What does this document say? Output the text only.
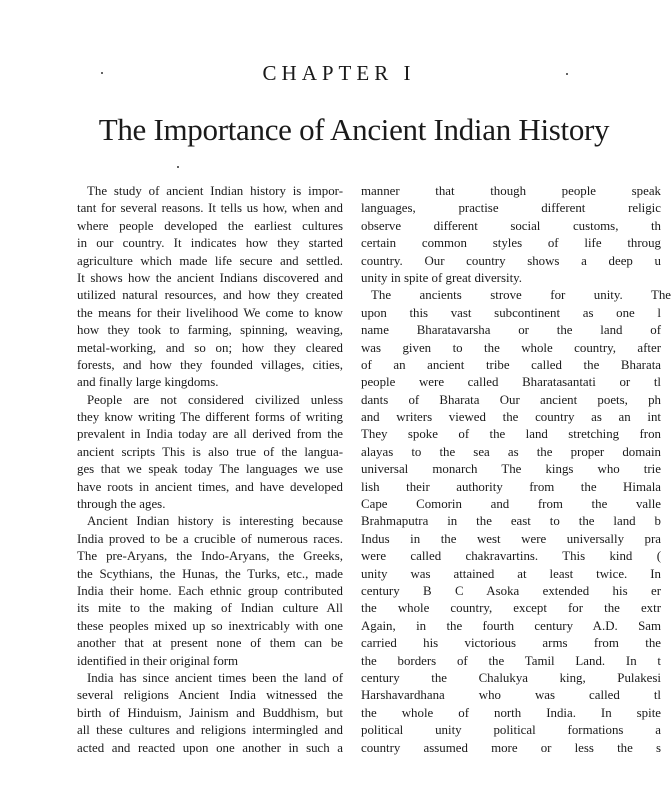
CHAPTER I
The Importance of Ancient Indian History
The study of ancient Indian history is impor-
tant for several reasons. It tells us how, when and
where people developed the earliest cultures
in our country. It indicates how they started
agriculture which made life secure and settled.
It shows how the ancient Indians discovered and
utilized natural resources, and how they created
the means for their livelihood We come to know
how they took to farming, spinning, weaving,
metal-working, and so on; how they cleared
forests, and how they founded villages, cities,
and finally large kingdoms.
People are not considered civilized unless
they know writing The different forms of writing
prevalent in India today are all derived from the
ancient scripts This is also true of the langua-
ges that we speak today The languages we use
have roots in ancient times, and have developed
through the ages.
Ancient Indian history is interesting because
India proved to be a crucible of numerous races.
The pre-Aryans, the Indo-Aryans, the Greeks,
the Scythians, the Hunas, the Turks, etc., made
India their home. Each ethnic group contributed
its mite to the making of Indian culture All
these peoples mixed up so inextricably with one
another that at present none of them can be
identified in their original form
India has since ancient times been the land of
several religions Ancient India witnessed the
birth of Hinduism, Jainism and Buddhism, but
all these cultures and religions intermingled and
acted and reacted upon one another in such a
manner that though people speak
languages, practise different religic
observe different social customs, th
certain common styles of life throug
country. Our country shows a deep u
unity in spite of great diversity.
The ancients strove for unity. The
upon this vast subcontinent as one l
name Bharatavarsha or the land of
was given to the whole country, after
of an ancient tribe called the Bharata
people were called Bharatasantati or tl
dants of Bharata Our ancient poets, ph
and writers viewed the country as an int
They spoke of the land stretching fron
alayas to the sea as the proper domain
universal monarch The kings who trie
lish their authority from the Himala
Cape Comorin and from the valle
Brahmaputra in the east to the land b
Indus in the west were universally pra
were called chakravartins. This kind (
unity was attained at least twice. In
century B C Asoka extended his er
the whole country, except for the extr
Again, in the fourth century A.D. Sam
carried his victorious arms from the
the borders of the Tamil Land. In t
century the Chalukya king, Pulakesi
Harshavardhana who was called tl
the whole of north India. In spite
political unity political formations a
country assumed more or less the s
